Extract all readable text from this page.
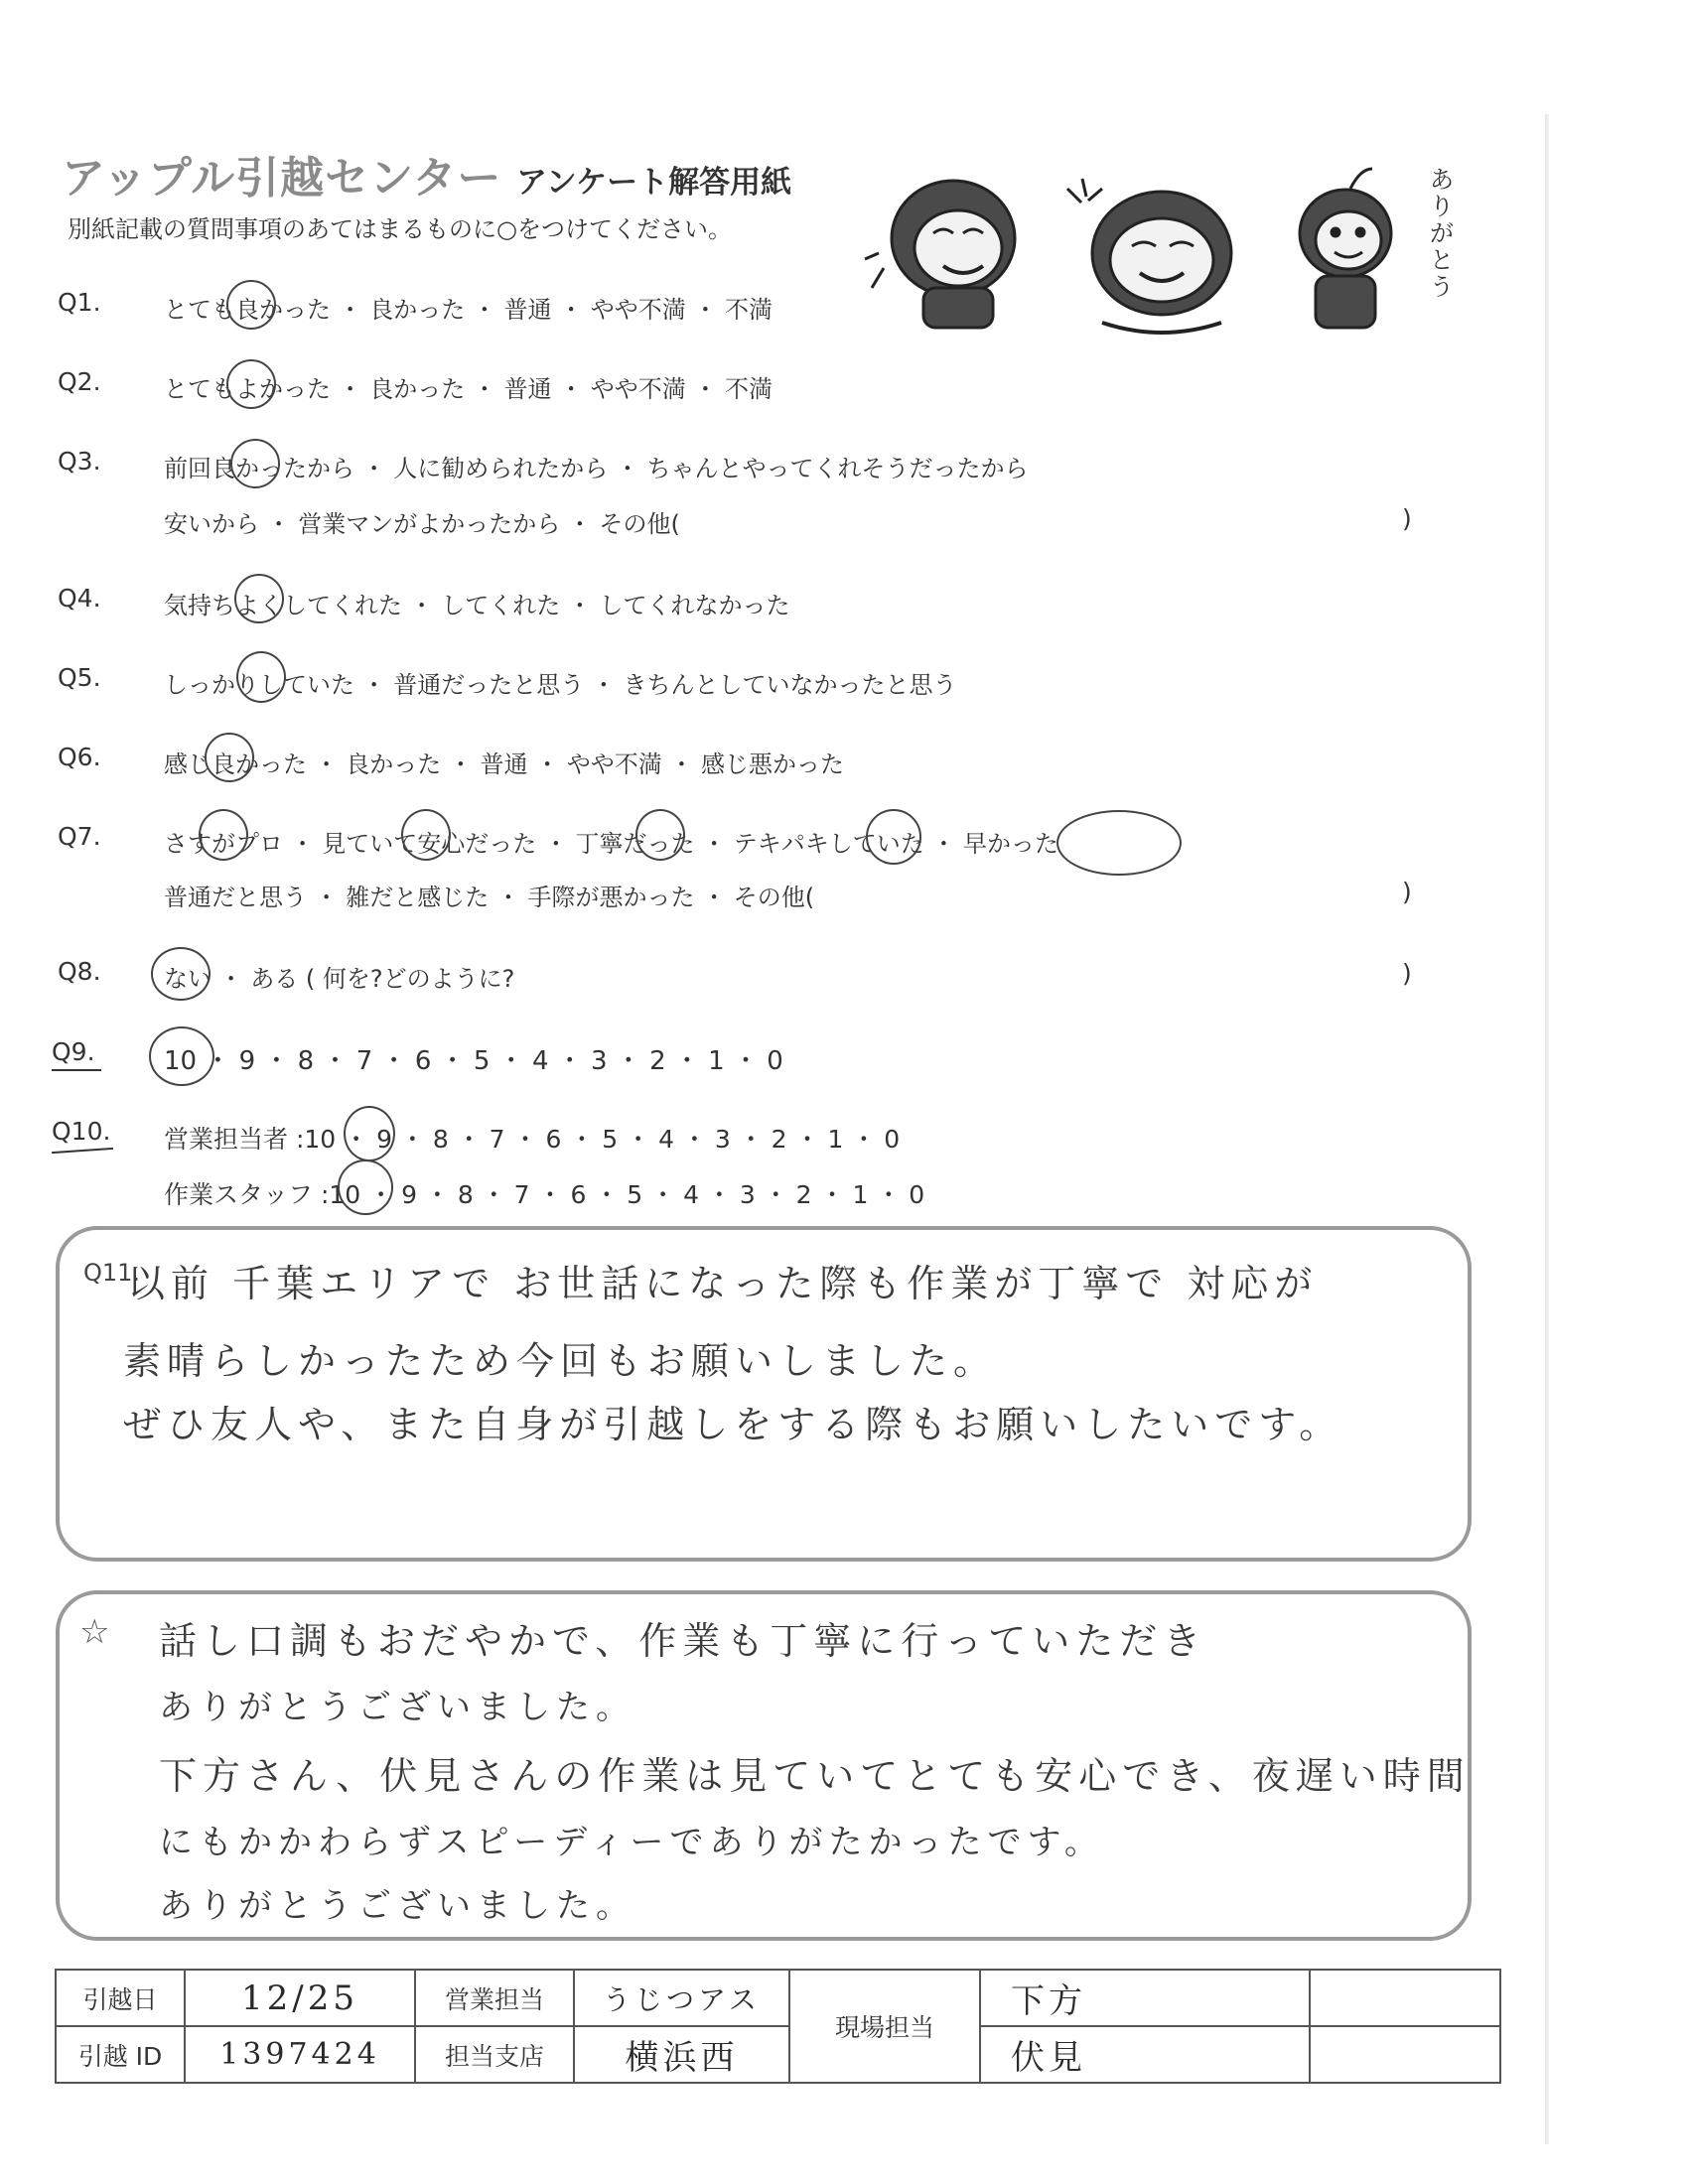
アップル引越センター アンケート解答用紙
別紙記載の質問事項のあてはまるものに○をつけてください。
ありがとう
Q1.	とても良かった ・ 良かった ・ 普通 ・ やや不満 ・ 不満
Q2.	とてもよかった ・ 良かった ・ 普通 ・ やや不満 ・ 不満
Q3.	前回良かったから ・ 人に勧められたから ・ ちゃんとやってくれそうだったから
安いから ・ 営業マンがよかったから ・ その他(	)
Q4.	気持ちよくしてくれた ・ してくれた ・ してくれなかった
Q5.	しっかりしていた ・ 普通だったと思う ・ きちんとしていなかったと思う
Q6.	感じ良かった ・ 良かった ・ 普通 ・ やや不満 ・ 感じ悪かった
Q7.	さすがプロ ・ 見ていて安心だった ・ 丁寧だった ・ テキパキしていた ・ 早かった
普通だと思う ・ 雑だと感じた ・ 手際が悪かった ・ その他(	)
Q8.	ない ・ ある ( 何を?どのように?	)
Q9.	10 ・ 9 ・ 8 ・ 7 ・ 6 ・ 5 ・ 4 ・ 3 ・ 2 ・ 1 ・ 0
Q10. 営業担当者 :10 ・ 9 ・ 8 ・ 7 ・ 6 ・ 5 ・ 4 ・ 3 ・ 2 ・ 1 ・ 0
作業スタッフ :10 ・ 9 ・ 8 ・ 7 ・ 6 ・ 5 ・ 4 ・ 3 ・ 2 ・ 1 ・ 0
Q11.
以前 千葉エリアで お世話になった際も作業が丁寧で 対応が
素晴らしかったため今回もお願いしました。
ぜひ友人や、また自身が引越しをする際もお願いしたいです。
☆ 話し口調もおだやかで、作業も丁寧に行っていただき
ありがとうございました。
下方さん、伏見さんの作業は見ていてとても安心でき、夜遅い時間
にもかかわらずスピーディーでありがたかったです。
ありがとうございました。
引越日	12/25	営業担当	うじつアス	現場担当	下方	
引越 ID	1397424	担当支店	横浜西		伏見	
